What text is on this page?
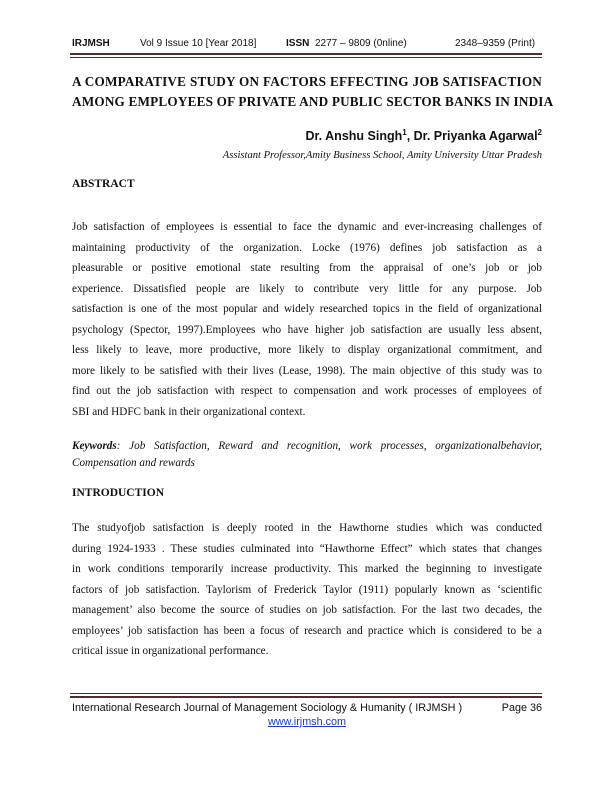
IRJMSH	Vol 9 Issue 10 [Year 2018]	ISSN 2277 – 9809 (0nline)	2348–9359 (Print)
A COMPARATIVE STUDY ON FACTORS EFFECTING JOB SATISFACTION
AMONG EMPLOYEES OF PRIVATE AND PUBLIC SECTOR BANKS IN INDIA
Dr. Anshu Singh$^1$, Dr. Priyanka Agarwal$^2$
Assistant Professor,Amity Business School, Amity University Uttar Pradesh
ABSTRACT
Job satisfaction of employees is essential to face the dynamic and ever-increasing challenges of
maintaining productivity of the organization. Locke (1976) defines job satisfaction as a
pleasurable or positive emotional state resulting from the appraisal of one’s job or job
experience. Dissatisfied people are likely to contribute very little for any purpose. Job
satisfaction is one of the most popular and widely researched topics in the field of organizational
psychology (Spector, 1997).Employees who have higher job satisfaction are usually less absent,
less likely to leave, more productive, more likely to display organizational commitment, and
more likely to be satisfied with their lives (Lease, 1998). The main objective of this study was to
find out the job satisfaction with respect to compensation and work processes of employees of
SBI and HDFC bank in their organizational context.
Keywords: Job Satisfaction, Reward and recognition, work processes, organizationalbehavior,
Compensation and rewards
INTRODUCTION
The studyofjob satisfaction is deeply rooted in the Hawthorne studies which was conducted
during 1924-1933 . These studies culminated into “Hawthorne Effect” which states that changes
in work conditions temporarily increase productivity. This marked the beginning to investigate
factors of job satisfaction. Taylorism of Frederick Taylor (1911) popularly known as ‘scientific
management’ also become the source of studies on job satisfaction. For the last two decades, the
employees’ job satisfaction has been a focus of research and practice which is considered to be a
critical issue in organizational performance.
International Research Journal of Management Sociology & Humanity ( IRJMSH )	Page 36
www.irjmsh.com
